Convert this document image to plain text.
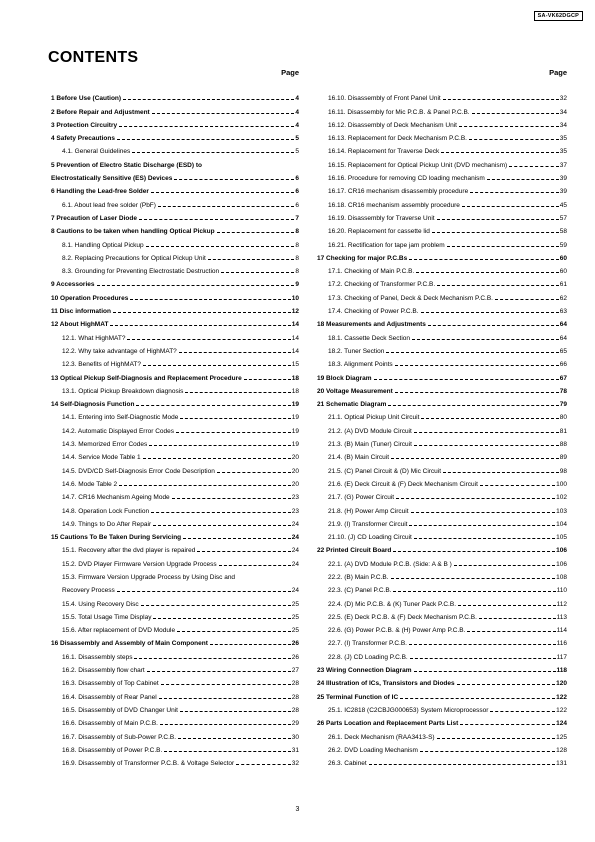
SA-VK62DGCP
CONTENTS
Page
1 Before Use (Caution)	4
2 Before Repair and Adjustment	4
3 Protection Circuitry	4
4 Safety Precautions	5
4.1. General Guidelines	5
5 Prevention of Electro Static Discharge (ESD) to
Electrostatically Sensitive (ES) Devices	6
6 Handling the Lead-free Solder	6
6.1. About lead free solder (PbF)	6
7 Precaution of Laser Diode	7
8 Cautions to be taken when handling Optical Pickup	8
8.1. Handling Optical Pickup	8
8.2. Replacing Precautions for Optical Pickup Unit	8
8.3. Grounding for Preventing Electrostatic Destruction	8
9 Accessories	9
10 Operation Procedures	10
11 Disc information	12
12 About HighMAT	14
12.1. What HighMAT?	14
12.2. Why take advantage of HighMAT?	14
12.3. Benefits of HighMAT?	15
13 Optical Pickup Self-Diagnosis and Replacement Procedure	18
13.1. Optical Pickup Breakdown diagnosis	18
14 Self-Diagnosis Function	19
14.1. Entering into Self-Diagnostic Mode	19
14.2. Automatic Displayed Error Codes	19
14.3. Memorized Error Codes	19
14.4. Service Mode Table 1	20
14.5. DVD/CD Self-Diagnosis Error Code Description	20
14.6. Mode Table 2	20
14.7. CR16 Mechanism Ageing Mode	23
14.8. Operation Lock Function	23
14.9. Things to Do After Repair	24
15 Cautions To Be Taken During Servicing	24
15.1. Recovery after the dvd player is repaired	24
15.2. DVD Player Firmware Version Upgrade Process	24
15.3. Firmware Version Upgrade Process by Using Disc and
Recovery Process	24
15.4. Using Recovery Disc	25
15.5. Total Usage Time Display	25
15.6. After replacement of DVD Module	25
16 Disassembly and Assembly of Main Component	26
16.1. Disassembly steps	26
16.2. Disassembly flow chart	27
16.3. Disassembly of Top Cabinet	28
16.4. Disassembly of Rear Panel	28
16.5. Disassembly of DVD Changer Unit	28
16.6. Disassembly of Main P.C.B.	29
16.7. Disassembly of Sub-Power P.C.B.	30
16.8. Disassembly of Power P.C.B.	31
16.9. Disassembly of Transformer P.C.B. & Voltage Selector	32
Page
16.10. Disassembly of Front Panel Unit	32
16.11. Disassembly for Mic P.C.B. & Panel P.C.B.	34
16.12. Disassembly of Deck Mechanism Unit	34
16.13. Replacement for Deck Mechanism P.C.B.	35
16.14. Replacement for Traverse Deck	35
16.15. Replacement for Optical Pickup Unit (DVD mechanism)	37
16.16. Procedure for removing CD loading mechanism	39
16.17. CR16 mechanism disassembly procedure	39
16.18. CR16 mechanism assembly procedure	45
16.19. Disassembly for Traverse Unit	57
16.20. Replacement for cassette lid	58
16.21. Rectification for tape jam problem	59
17 Checking for major P.C.Bs	60
17.1. Checking of Main P.C.B.	60
17.2. Checking of Transformer P.C.B.	61
17.3. Checking of Panel, Deck & Deck Mechanism P.C.B.	62
17.4. Checking of Power P.C.B.	63
18 Measurements and Adjustments	64
18.1. Cassette Deck Section	64
18.2. Tuner Section	65
18.3. Alignment Points	66
19 Block Diagram	67
20 Voltage Measurement	78
21 Schematic Diagram	79
21.1. Optical Pickup Unit Circuit	80
21.2. (A) DVD Module Circuit	81
21.3. (B) Main (Tuner) Circuit	88
21.4. (B) Main Circuit	89
21.5. (C) Panel Circuit & (D) Mic Circuit	98
21.6. (E) Deck Circuit & (F) Deck Mechanism Circuit	100
21.7. (G) Power Circuit	102
21.8. (H) Power Amp Circuit	103
21.9. (I) Transformer Circuit	104
21.10. (J) CD Loading Circuit	105
22 Printed Circuit Board	106
22.1. (A) DVD Module P.C.B. (Side: A & B )	106
22.2. (B) Main P.C.B.	108
22.3. (C) Panel P.C.B.	110
22.4. (D) Mic P.C.B. & (K) Tuner Pack P.C.B.	112
22.5. (E) Deck P.C.B. & (F) Deck Mechanism P.C.B.	113
22.6. (G) Power P.C.B. & (H) Power Amp P.C.B.	114
22.7. (I) Transformer P.C.B.	116
22.8. (J) CD Loading P.C.B.	117
23 Wiring Connection Diagram	118
24 Illustration of ICs, Transistors and Diodes	120
25 Terminal Function of IC	122
25.1. IC2818 (C2CBJG000653) System Microprocessor	122
26 Parts Location and Replacement Parts List	124
26.1. Deck Mechanism (RAA3413-S)	125
26.2. DVD Loading Mechanism	128
26.3. Cabinet	131
3
